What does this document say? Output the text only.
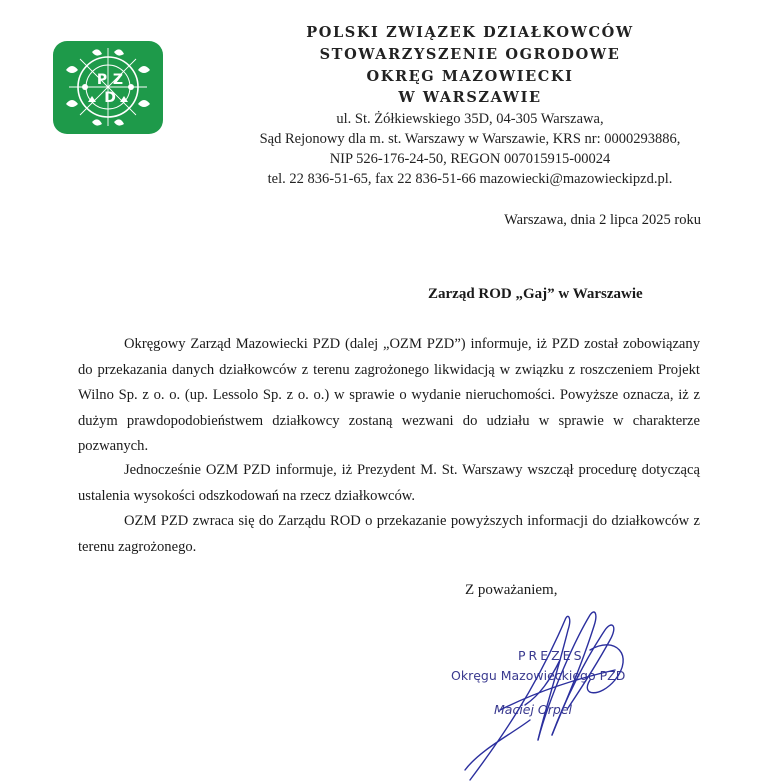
P Z
D
POLSKI ZWIĄZEK DZIAŁKOWCÓW
STOWARZYSZENIE OGRODOWE
OKRĘG MAZOWIECKI
W WARSZAWIE
ul. St. Żółkiewskiego 35D, 04-305 Warszawa,
Sąd Rejonowy dla m. st. Warszawy w Warszawie, KRS nr: 0000293886,
NIP 526-176-24-50, REGON 007015915-00024
tel. 22 836-51-65, fax 22 836-51-66 mazowiecki@mazowieckipzd.pl.
Warszawa, dnia 2 lipca 2025 roku
Zarząd ROD „Gaj” w Warszawie

Okręgowy Zarząd Mazowiecki PZD (dalej „OZM PZD”) informuje, iż PZD został zobowiązany do przekazania danych działkowców z terenu zagrożonego likwidacją w związku z roszczeniem Projekt Wilno Sp. z o. o. (up. Lessolo Sp. z o. o.) w sprawie o wydanie nieruchomości. Powyższe oznacza, iż z dużym prawdopodobieństwem działkowcy zostaną wezwani do udziału w sprawie w charakterze pozwanych.

Jednocześnie OZM PZD informuje, iż Prezydent M. St. Warszawy wszczął procedurę dotyczącą ustalenia wysokości odszkodowań na rzecz działkowców.

OZM PZD zwraca się do Zarządu ROD o przekazanie powyższych informacji do działkowców z terenu zagrożonego.

Z poważaniem,
PREZES
Okręgu Mazowieckiego PZD
Maciej Orpel
